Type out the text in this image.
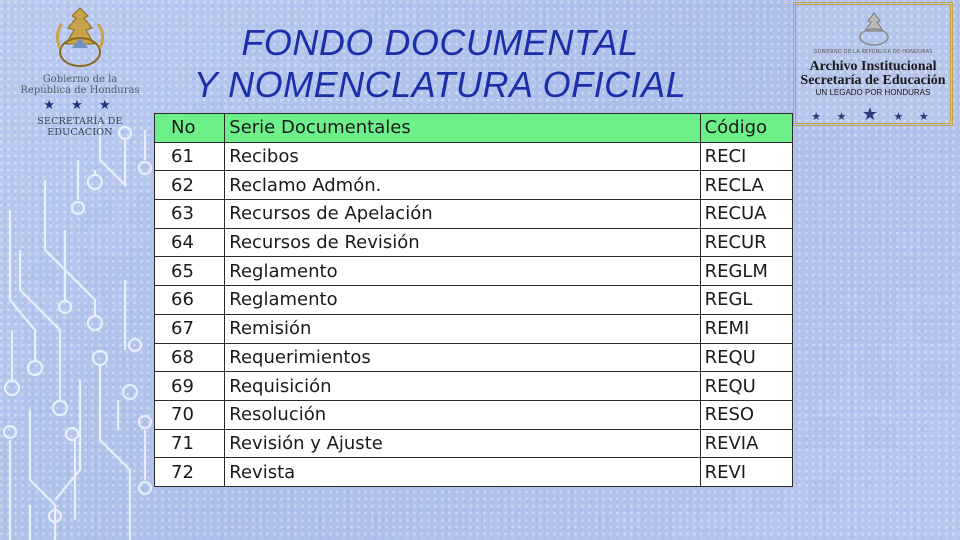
Gobierno de la
República de Honduras
★ ★ ★
SECRETARÍA DE EDUCACIÓN
FONDO DOCUMENTAL
Y NOMENCLATURA OFICIAL
GOBIERNO DE LA REPÚBLICA DE HONDURAS
Archivo Institucional
Secretaría de Educación
UN LEGADO POR HONDURAS
★ ★ ★ ★ ★
No	Serie Documentales	Código
61	Recibos	RECI
62	Reclamo Admón.	RECLA
63	Recursos de Apelación	RECUA
64	Recursos de Revisión	RECUR
65	Reglamento	REGLM
66	Reglamento	REGL
67	Remisión	REMI
68	Requerimientos	REQU
69	Requisición	REQU
70	Resolución	RESO
71	Revisión y Ajuste	REVIA
72	Revista	REVI
